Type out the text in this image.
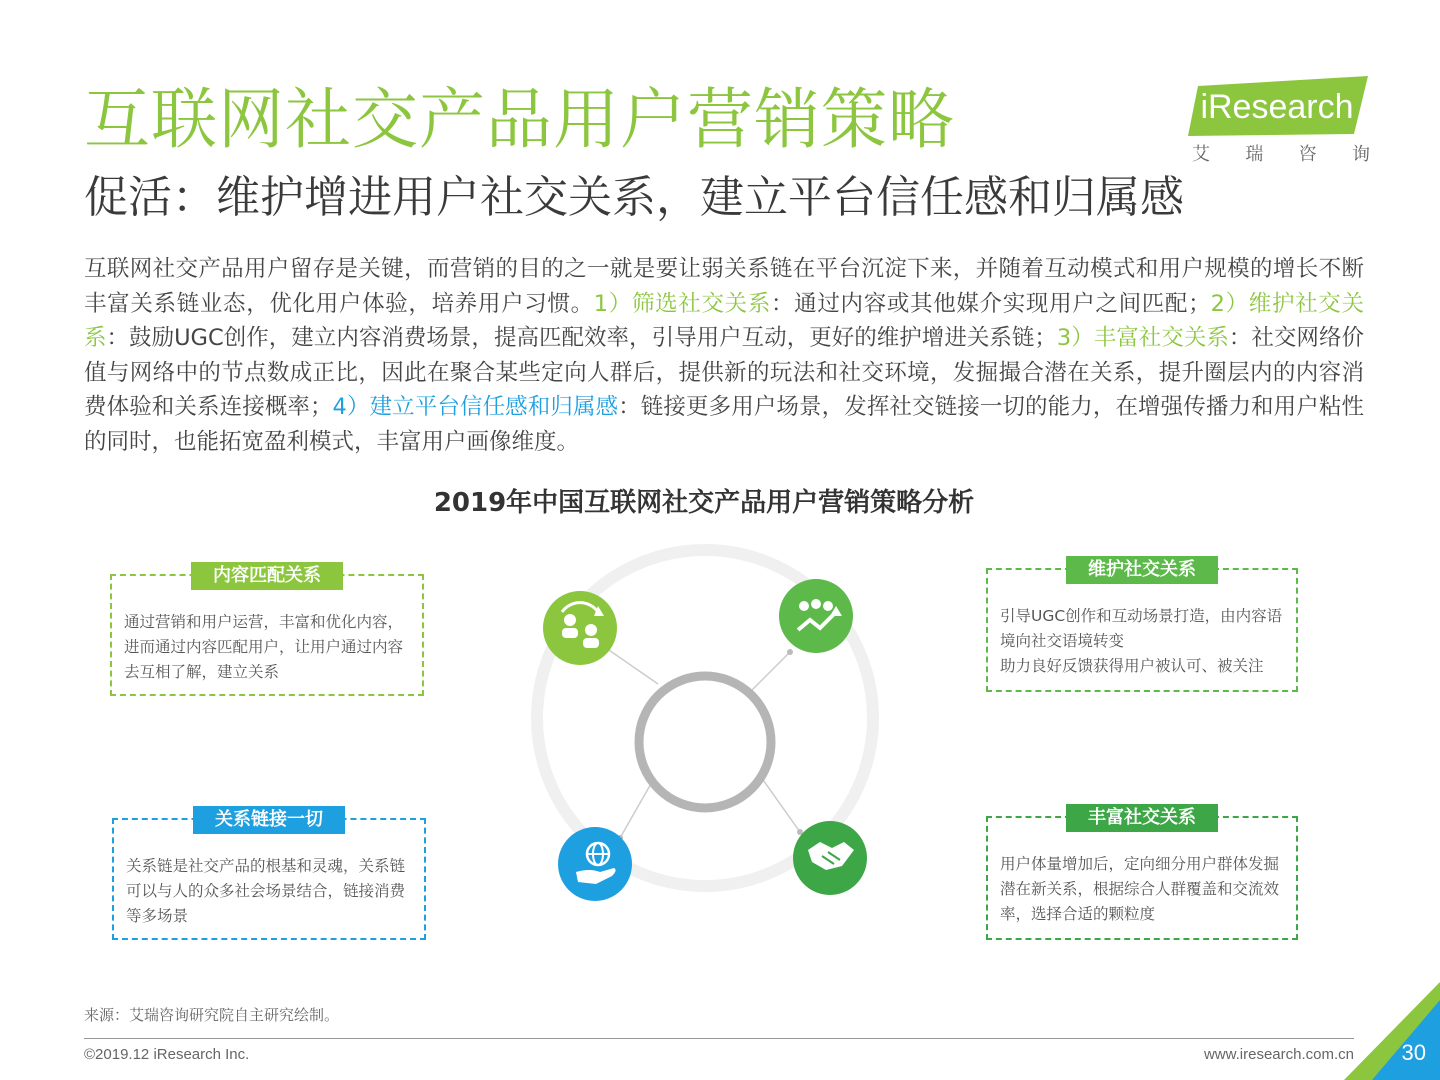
互联网社交产品用户营销策略
促活：维护增进用户社交关系，建立平台信任感和归属感
iResearch
艾 瑞 咨 询

互联网社交产品用户留存是关键，而营销的目的之一就是要让弱关系链在平台沉淀下来，并随着互动模式和用户规模的增长不断丰富关系链业态，优化用户体验，培养用户习惯。1）筛选社交关系：通过内容或其他媒介实现用户之间匹配；2）维护社交关系：鼓励UGC创作，建立内容消费场景，提高匹配效率，引导用户互动，更好的维护增进关系链；3）丰富社交关系：社交网络价值与网络中的节点数成正比，因此在聚合某些定向人群后，提供新的玩法和社交环境，发掘撮合潜在关系，提升圈层内的内容消费体验和关系连接概率；4）建立平台信任感和归属感：链接更多用户场景，发挥社交链接一切的能力，在增强传播力和用户粘性的同时，也能拓宽盈利模式，丰富用户画像维度。

2019年中国互联网社交产品用户营销策略分析
内容匹配关系

通过营销和用户运营，丰富和优化内容，

进而通过内容匹配用户，让用户通过内容

去互相了解，建立关系

维护社交关系

引导UGC创作和互动场景打造，由内容语

境向社交语境转变

助力良好反馈获得用户被认可、被关注

关系链接一切

关系链是社交产品的根基和灵魂，关系链

可以与人的众多社会场景结合，链接消费

等多场景

丰富社交关系

用户体量增加后，定向细分用户群体发掘

潜在新关系，根据综合人群覆盖和交流效

率，选择合适的颗粒度

来源：艾瑞咨询研究院自主研究绘制。
©2019.12 iResearch Inc.	www.iresearch.com.cn 30
